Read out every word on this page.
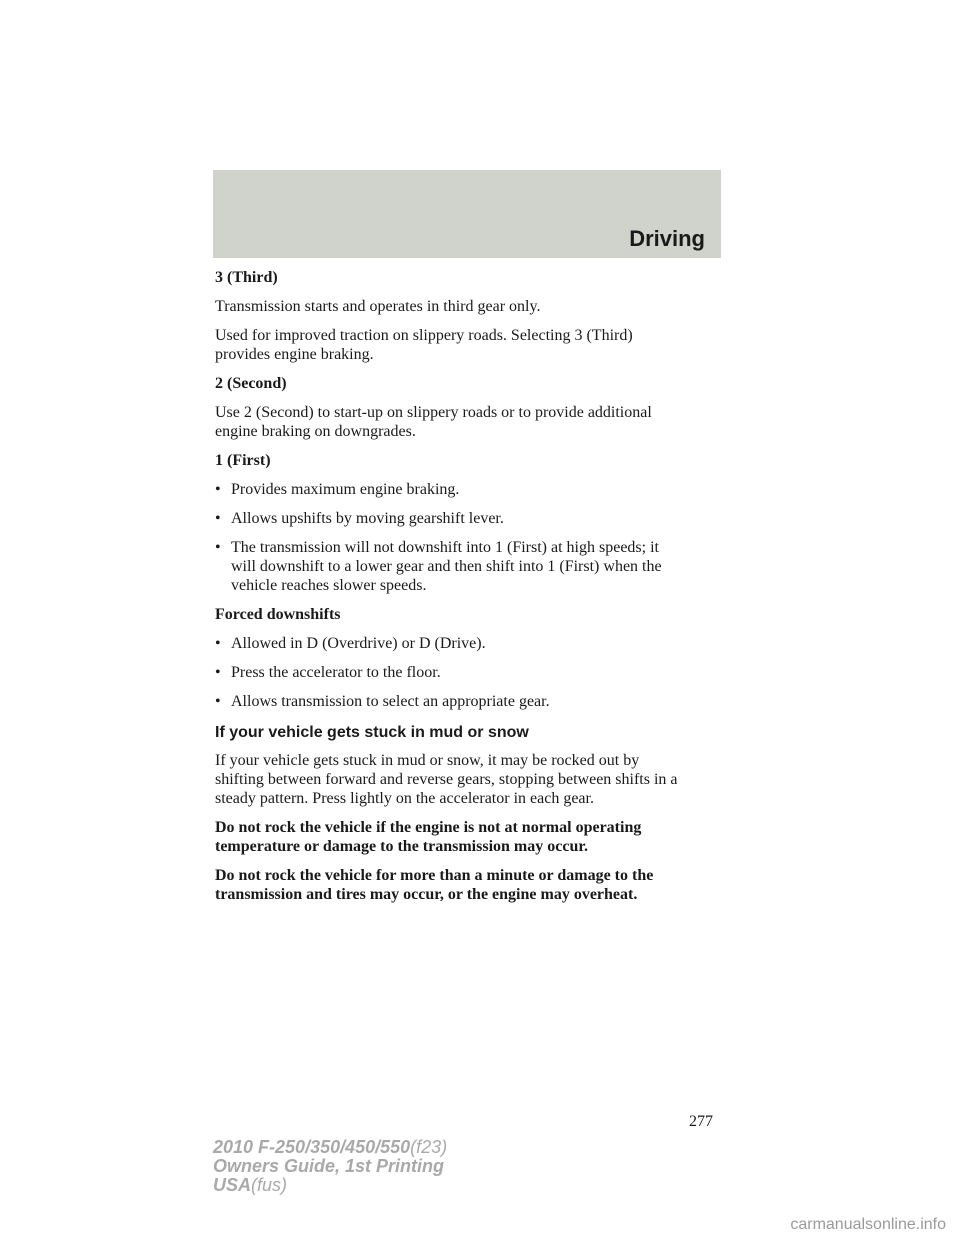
Driving

3 (Third)

Transmission starts and operates in third gear only.

Used for improved traction on slippery roads. Selecting 3 (Third)
provides engine braking.

2 (Second)

Use 2 (Second) to start-up on slippery roads or to provide additional
engine braking on downgrades.

1 (First)

• Provides maximum engine braking.
• Allows upshifts by moving gearshift lever.
• The transmission will not downshift into 1 (First) at high speeds; it
will downshift to a lower gear and then shift into 1 (First) when the
vehicle reaches slower speeds.

Forced downshifts

• Allowed in D (Overdrive) or D (Drive).
• Press the accelerator to the floor.
• Allows transmission to select an appropriate gear.

If your vehicle gets stuck in mud or snow

If your vehicle gets stuck in mud or snow, it may be rocked out by
shifting between forward and reverse gears, stopping between shifts in a
steady pattern. Press lightly on the accelerator in each gear.

Do not rock the vehicle if the engine is not at normal operating
temperature or damage to the transmission may occur.

Do not rock the vehicle for more than a minute or damage to the
transmission and tires may occur, or the engine may overheat.

277
2010 F-250/350/450/550(f23)
Owners Guide, 1st Printing
USA(fus)
carmanualsonline.info
